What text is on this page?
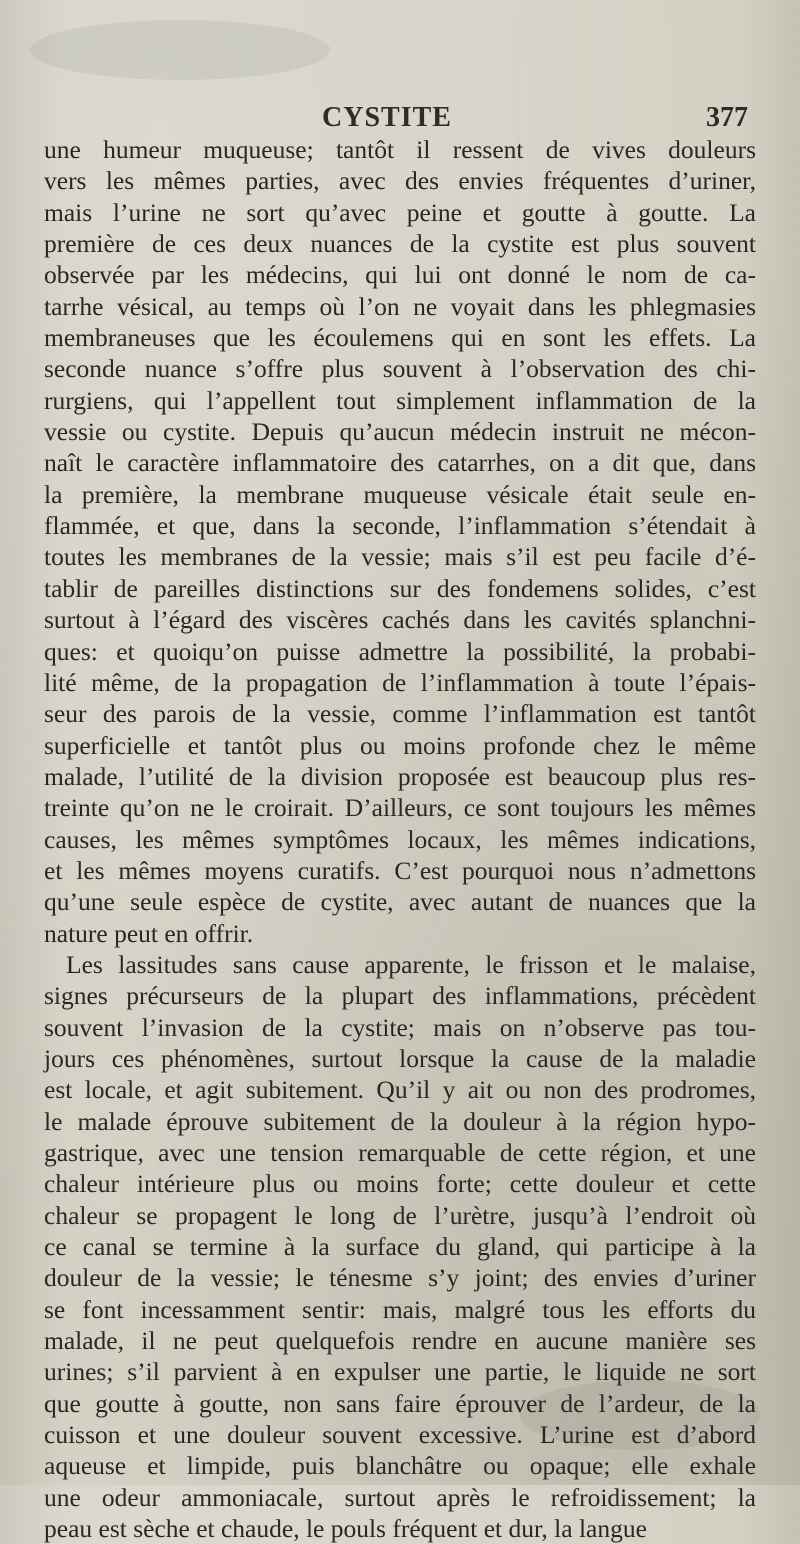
CYSTITE	377
une humeur muqueuse; tantôt il ressent de vives douleurs
vers les mêmes parties, avec des envies fréquentes d’uriner,
mais l’urine ne sort qu’avec peine et goutte à goutte. La
première de ces deux nuances de la cystite est plus souvent
observée par les médecins, qui lui ont donné le nom de ca-
tarrhe vésical, au temps où l’on ne voyait dans les phlegmasies
membraneuses que les écoulemens qui en sont les effets. La
seconde nuance s’offre plus souvent à l’observation des chi-
rurgiens, qui l’appellent tout simplement inflammation de la
vessie ou cystite. Depuis qu’aucun médecin instruit ne mécon-
naît le caractère inflammatoire des catarrhes, on a dit que, dans
la première, la membrane muqueuse vésicale était seule en-
flammée, et que, dans la seconde, l’inflammation s’étendait à
toutes les membranes de la vessie; mais s’il est peu facile d’é-
tablir de pareilles distinctions sur des fondemens solides, c’est
surtout à l’égard des viscères cachés dans les cavités splanchni-
ques: et quoiqu’on puisse admettre la possibilité, la probabi-
lité même, de la propagation de l’inflammation à toute l’épais-
seur des parois de la vessie, comme l’inflammation est tantôt
superficielle et tantôt plus ou moins profonde chez le même
malade, l’utilité de la division proposée est beaucoup plus res-
treinte qu’on ne le croirait. D’ailleurs, ce sont toujours les mêmes
causes, les mêmes symptômes locaux, les mêmes indications,
et les mêmes moyens curatifs. C’est pourquoi nous n’admettons
qu’une seule espèce de cystite, avec autant de nuances que la
nature peut en offrir.
Les lassitudes sans cause apparente, le frisson et le malaise,
signes précurseurs de la plupart des inflammations, précèdent
souvent l’invasion de la cystite; mais on n’observe pas tou-
jours ces phénomènes, surtout lorsque la cause de la maladie
est locale, et agit subitement. Qu’il y ait ou non des prodromes,
le malade éprouve subitement de la douleur à la région hypo-
gastrique, avec une tension remarquable de cette région, et une
chaleur intérieure plus ou moins forte; cette douleur et cette
chaleur se propagent le long de l’urètre, jusqu’à l’endroit où
ce canal se termine à la surface du gland, qui participe à la
douleur de la vessie; le ténesme s’y joint; des envies d’uriner
se font incessamment sentir: mais, malgré tous les efforts du
malade, il ne peut quelquefois rendre en aucune manière ses
urines; s’il parvient à en expulser une partie, le liquide ne sort
que goutte à goutte, non sans faire éprouver de l’ardeur, de la
cuisson et une douleur souvent excessive. L’urine est d’abord
aqueuse et limpide, puis blanchâtre ou opaque; elle exhale
une odeur ammoniacale, surtout après le refroidissement; la
peau est sèche et chaude, le pouls fréquent et dur, la langue
